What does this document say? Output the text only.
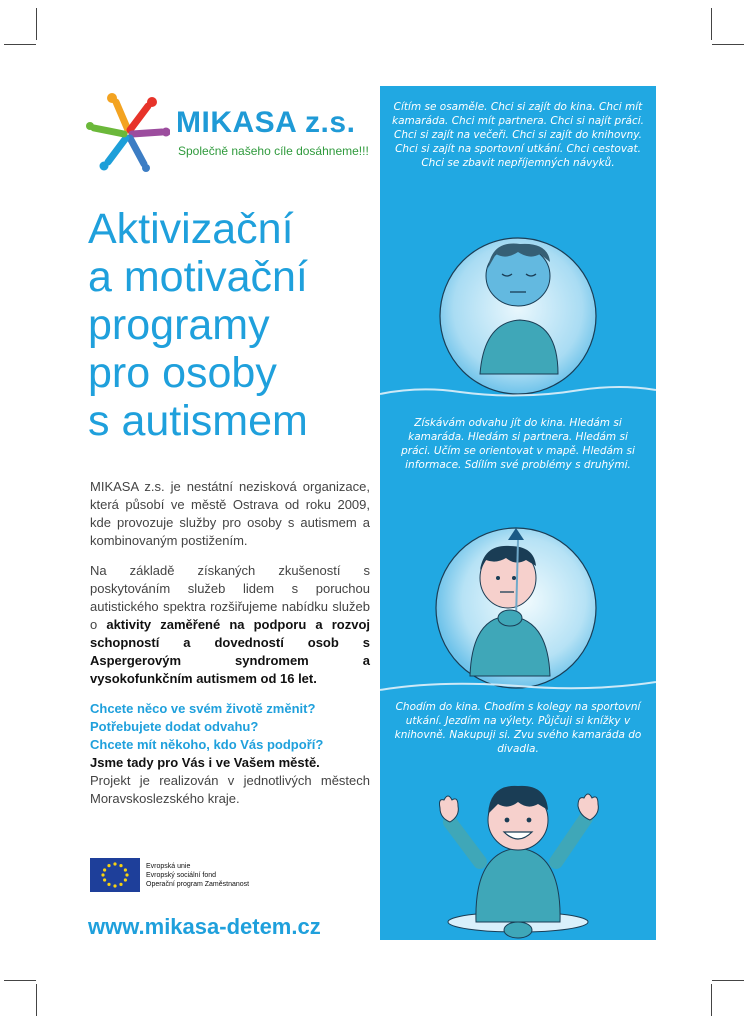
MIKASA z.s.
Společně našeho cíle dosáhneme!!!
Aktivizační
a motivační
programy
pro osoby
s autismem

MIKASA z.s. je nestátní nezisková organizace, která působí ve městě Ostrava od roku 2009, kde provozuje služby pro osoby s autismem a kombinovaným postižením.

Na základě získaných zkušeností s poskytováním služeb lidem s poruchou autistického spektra rozšiřujeme nabídku služeb o aktivity zaměřené na podporu a rozvoj schopností a dovedností osob s Aspergerovým syndromem a vysokofunkčním autismem od 16 let.

Chcete něco ve svém životě změnit?
Potřebujete dodat odvahu?
Chcete mít někoho, kdo Vás podpoří?

Jsme tady pro Vás i ve Vašem městě.
Projekt je realizován v jednotlivých městech Moravskoslezského kraje.

Evropská unie
Evropský sociální fond
Operační program Zaměstnanost
www.mikasa-detem.cz

Cítím se osaměle. Chci si zajít do kina. Chci mít kamaráda. Chci mít partnera. Chci si najít práci. Chci si zajít na večeři. Chci si zajít do knihovny. Chci si zajít na sportovní utkání. Chci cestovat. Chci se zbavit nepříjemných návyků.

Získávám odvahu jít do kina. Hledám si kamaráda. Hledám si partnera. Hledám si práci. Učím se orientovat v mapě. Hledám si informace. Sdílím své problémy s druhými.

Chodím do kina. Chodím s kolegy na sportovní utkání. Jezdím na výlety. Půjčuji si knížky v knihovně. Nakupuji si. Zvu svého kamaráda do divadla.
